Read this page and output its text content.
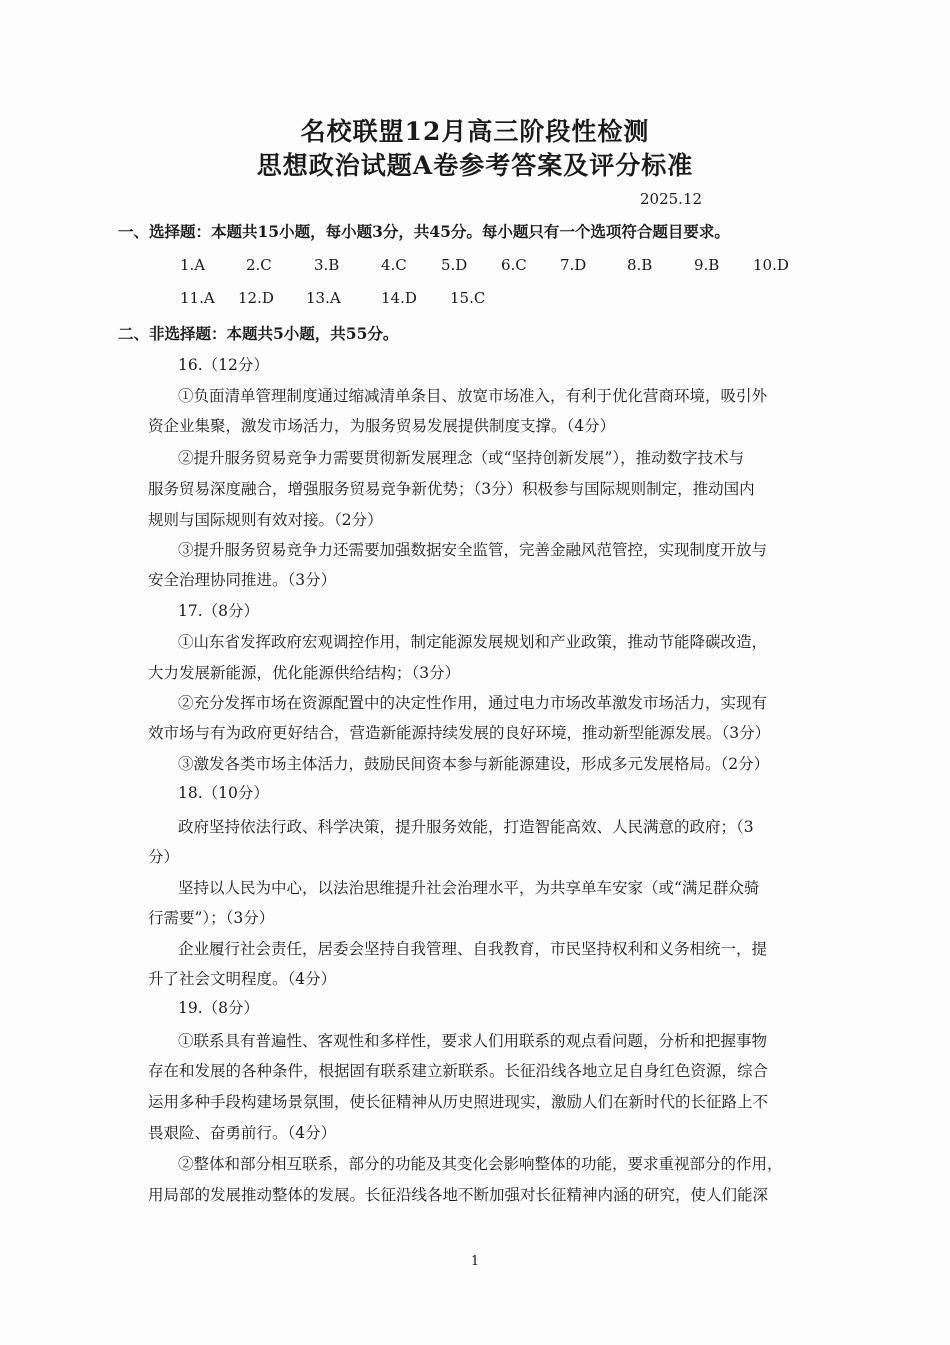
名校联盟12月高三阶段性检测
思想政治试题A卷参考答案及评分标准
2025.12
一、选择题：本题共15小题，每小题3分，共45分。每小题只有一个选项符合题目要求。
1.A	2.C	3.B	4.C 5.D 6.C 7.D	8.B	9.B 10.D
11.A 12.D 13.A	14.D 15.C
二、非选择题：本题共5小题，共55分。
16.（12分）
①负面清单管理制度通过缩减清单条目、放宽市场准入，有利于优化营商环境，吸引外
资企业集聚，激发市场活力，为服务贸易发展提供制度支撑。（4分）
②提升服务贸易竞争力需要贯彻新发展理念（或“坚持创新发展”），推动数字技术与
服务贸易深度融合，增强服务贸易竞争新优势；（3分）积极参与国际规则制定，推动国内
规则与国际规则有效对接。（2分）
③提升服务贸易竞争力还需要加强数据安全监管，完善金融风范管控，实现制度开放与
安全治理协同推进。（3分）
17.（8分）
①山东省发挥政府宏观调控作用，制定能源发展规划和产业政策，推动节能降碳改造，
大力发展新能源，优化能源供给结构；（3分）
②充分发挥市场在资源配置中的决定性作用，通过电力市场改革激发市场活力，实现有
效市场与有为政府更好结合，营造新能源持续发展的良好环境，推动新型能源发展。（3分）
③激发各类市场主体活力，鼓励民间资本参与新能源建设，形成多元发展格局。（2分）
18.（10分）
政府坚持依法行政、科学决策，提升服务效能，打造智能高效、人民满意的政府；（3
分）
坚持以人民为中心，以法治思维提升社会治理水平，为共享单车安家（或“满足群众骑
行需要”）；（3分）
企业履行社会责任，居委会坚持自我管理、自我教育，市民坚持权利和义务相统一，提
升了社会文明程度。（4分）
19.（8分）
①联系具有普遍性、客观性和多样性，要求人们用联系的观点看问题，分析和把握事物
存在和发展的各种条件，根据固有联系建立新联系。长征沿线各地立足自身红色资源，综合
运用多种手段构建场景氛围，使长征精神从历史照进现实，激励人们在新时代的长征路上不
畏艰险、奋勇前行。（4分）
②整体和部分相互联系，部分的功能及其变化会影响整体的功能，要求重视部分的作用，
用局部的发展推动整体的发展。长征沿线各地不断加强对长征精神内涵的研究，使人们能深
1
